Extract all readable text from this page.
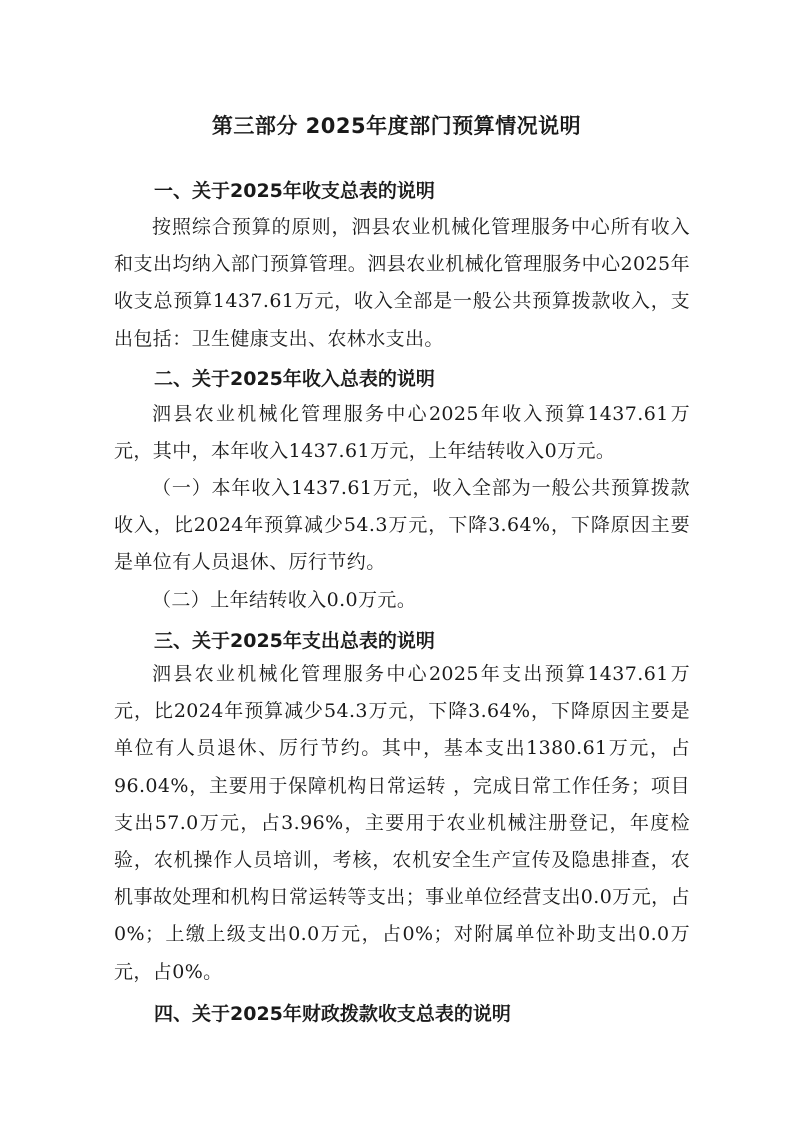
第三部分 2025年度部门预算情况说明
一、关于2025年收支总表的说明
按照综合预算的原则，泗县农业机械化管理服务中心所有收入和支出均纳入部门预算管理。泗县农业机械化管理服务中心2025年收支总预算1437.61万元，收入全部是一般公共预算拨款收入，支出包括：卫生健康支出、农林水支出。
二、关于2025年收入总表的说明
泗县农业机械化管理服务中心2025年收入预算1437.61万元，其中，本年收入1437.61万元，上年结转收入0万元。
（一）本年收入1437.61万元，收入全部为一般公共预算拨款收入，比2024年预算减少54.3万元，下降3.64%，下降原因主要是单位有人员退休、厉行节约。
（二）上年结转收入0.0万元。
三、关于2025年支出总表的说明
泗县农业机械化管理服务中心2025年支出预算1437.61万元，比2024年预算减少54.3万元，下降3.64%，下降原因主要是单位有人员退休、厉行节约。其中，基本支出1380.61万元，占96.04%，主要用于保障机构日常运转 ，完成日常工作任务；项目支出57.0万元，占3.96%，主要用于农业机械注册登记，年度检验，农机操作人员培训，考核，农机安全生产宣传及隐患排查，农机事故处理和机构日常运转等支出；事业单位经营支出0.0万元，占0%；上缴上级支出0.0万元，占0%；对附属单位补助支出0.0万元，占0%。
四、关于2025年财政拨款收支总表的说明
